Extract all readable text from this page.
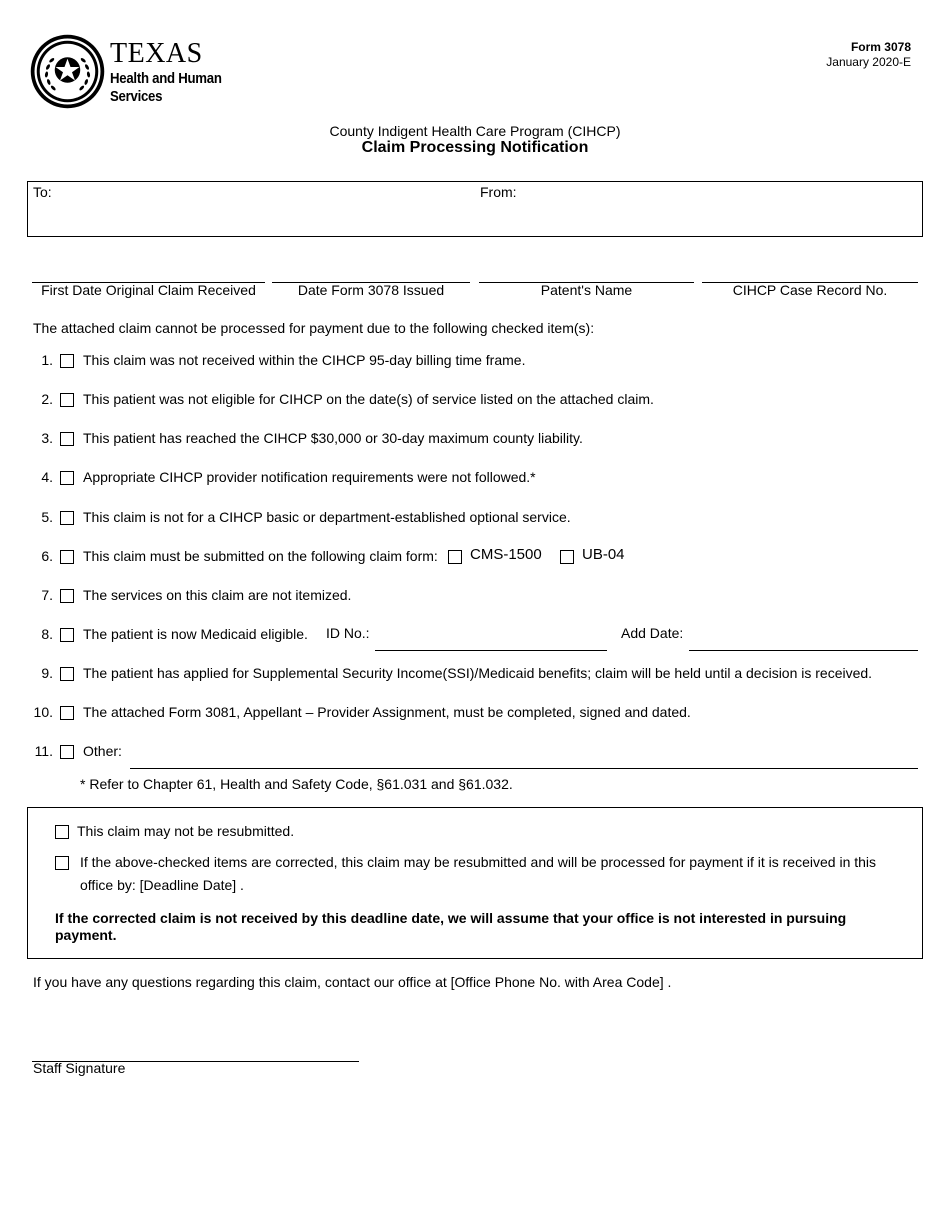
TEXAS
Health and Human
Services
Form 3078
January 2020-E
County Indigent Health Care Program (CIHCP)
Claim Processing Notification
To:	From:
First Date Original Claim Received	Date Form 3078 Issued	Patent's Name	CIHCP Case Record No.
The attached claim cannot be processed for payment due to the following checked item(s):
1. This claim was not received within the CIHCP 95-day billing time frame.
2. This patient was not eligible for CIHCP on the date(s) of service listed on the attached claim.
3. This patient has reached the CIHCP $30,000 or 30-day maximum county liability.
4. Appropriate CIHCP provider notification requirements were not followed.*
5. This claim is not for a CIHCP basic or department-established optional service.
6. This claim must be submitted on the following claim form: CMS-1500	UB-04
7. The services on this claim are not itemized.
8. The patient is now Medicaid eligible. ID No.:	Add Date:
9. The patient has applied for Supplemental Security Income(SSI)/Medicaid benefits; claim will be held until a decision is received.
10. The attached Form 3081, Appellant – Provider Assignment, must be completed, signed and dated.
11. Other:
* Refer to Chapter 61, Health and Safety Code, §61.031 and §61.032.
This claim may not be resubmitted.
If the above-checked items are corrected, this claim may be resubmitted and will be processed for payment if it is received in this
office by: [Deadline Date] .
If the corrected claim is not received by this deadline date, we will assume that your office is not interested in pursuing
payment.
If you have any questions regarding this claim, contact our office at [Office Phone No. with Area Code] .
Staff Signature
